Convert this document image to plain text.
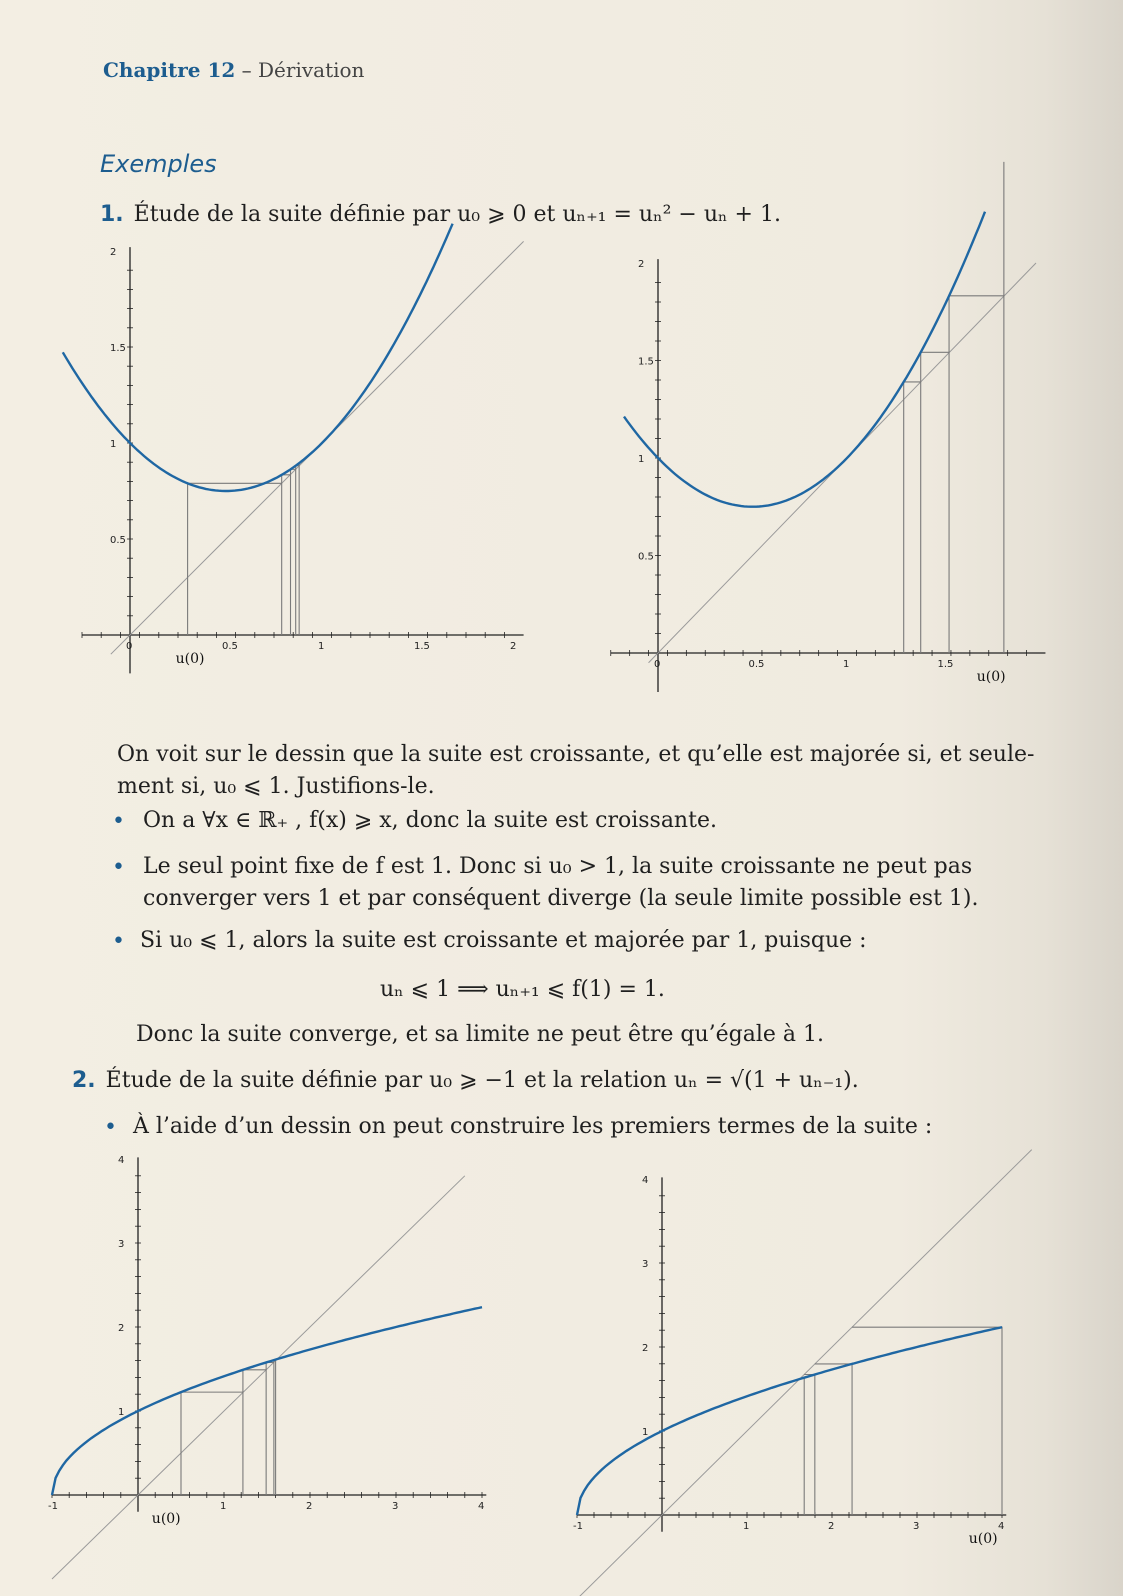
Chapitre 12 – Dérivation
Exemples
1. Étude de la suite définie par u₀ ⩾ 0 et uₙ₊₁ = uₙ² − uₙ + 1.
0	0.5	1	1.5	2
0.5
1
1.5
2
u(0)	0	0.5	1	1.5
0.5
1
1.5
2
u(0)
On voit sur le dessin que la suite est croissante, et qu’elle est majorée si, et seule-
ment si, u₀ ⩽ 1. Justifions-le.
• On a ∀x ∈ ℝ₊ , f(x) ⩾ x, donc la suite est croissante.
• Le seul point fixe de f est 1. Donc si u₀ > 1, la suite croissante ne peut pas
converger vers 1 et par conséquent diverge (la seule limite possible est 1).
• Si u₀ ⩽ 1, alors la suite est croissante et majorée par 1, puisque :
uₙ ⩽ 1 ⟹ uₙ₊₁ ⩽ f(1) = 1.
Donc la suite converge, et sa limite ne peut être qu’égale à 1.
2. Étude de la suite définie par u₀ ⩾ −1 et la relation uₙ = √(1 + uₙ₋₁).
• À l’aide d’un dessin on peut construire les premiers termes de la suite :
-1	1	2	3	4
1
2
3
4
u(0)	-1	1	2	3	4
1
2
3
4
u(0)
